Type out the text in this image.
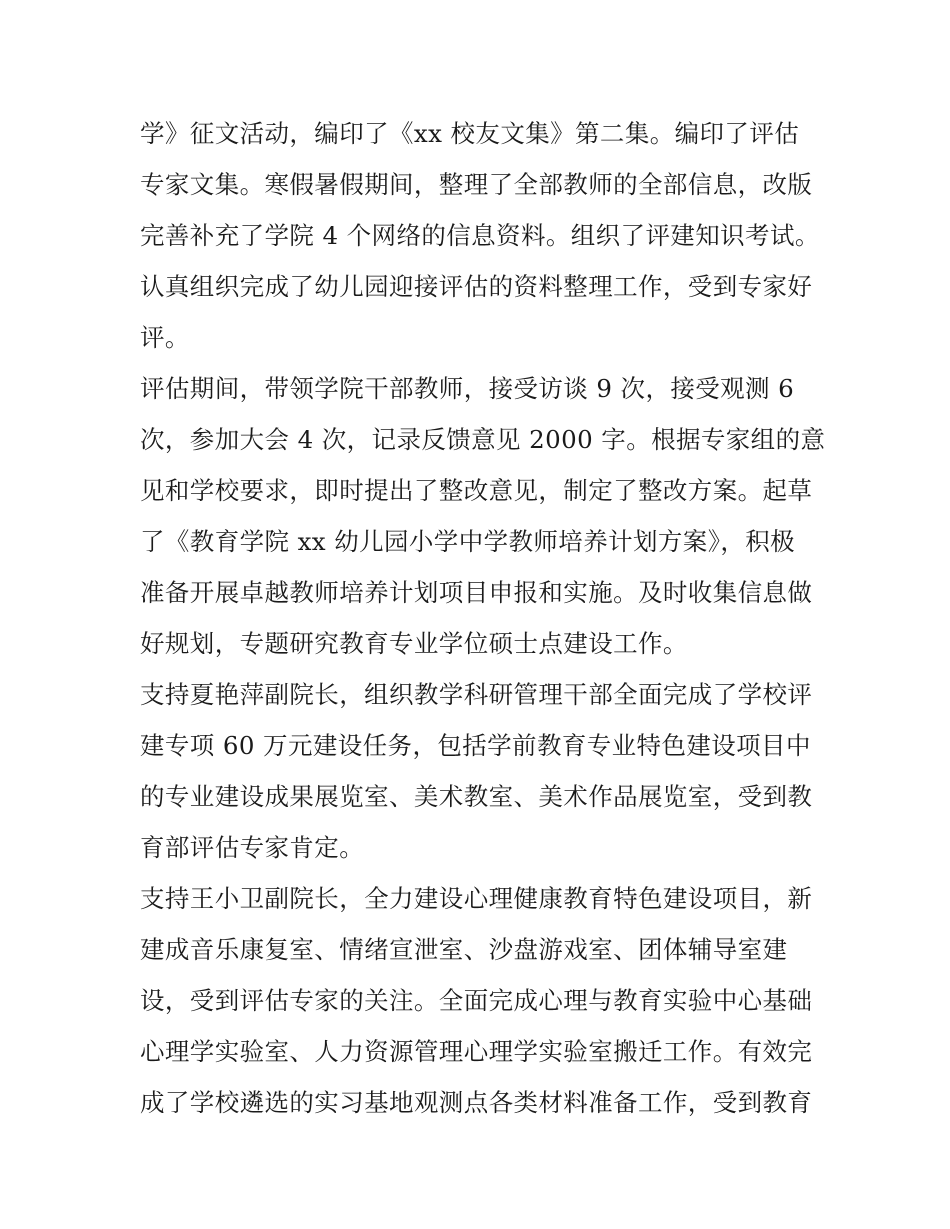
学》征文活动，编印了《xx 校友文集》第二集。编印了评估
专家文集。寒假暑假期间，整理了全部教师的全部信息，改版
完善补充了学院 4 个网络的信息资料。组织了评建知识考试。
认真组织完成了幼儿园迎接评估的资料整理工作，受到专家好
评。
评估期间，带领学院干部教师，接受访谈 9 次，接受观测 6
次，参加大会 4 次，记录反馈意见 2000 字。根据专家组的意
见和学校要求，即时提出了整改意见，制定了整改方案。起草
了《教育学院 xx 幼儿园小学中学教师培养计划方案》，积极
准备开展卓越教师培养计划项目申报和实施。及时收集信息做
好规划，专题研究教育专业学位硕士点建设工作。
支持夏艳萍副院长，组织教学科研管理干部全面完成了学校评
建专项 60 万元建设任务，包括学前教育专业特色建设项目中
的专业建设成果展览室、美术教室、美术作品展览室，受到教
育部评估专家肯定。
支持王小卫副院长，全力建设心理健康教育特色建设项目，新
建成音乐康复室、情绪宣泄室、沙盘游戏室、团体辅导室建
设，受到评估专家的关注。全面完成心理与教育实验中心基础
心理学实验室、人力资源管理心理学实验室搬迁工作。有效完
成了学校遴选的实习基地观测点各类材料准备工作，受到教育
